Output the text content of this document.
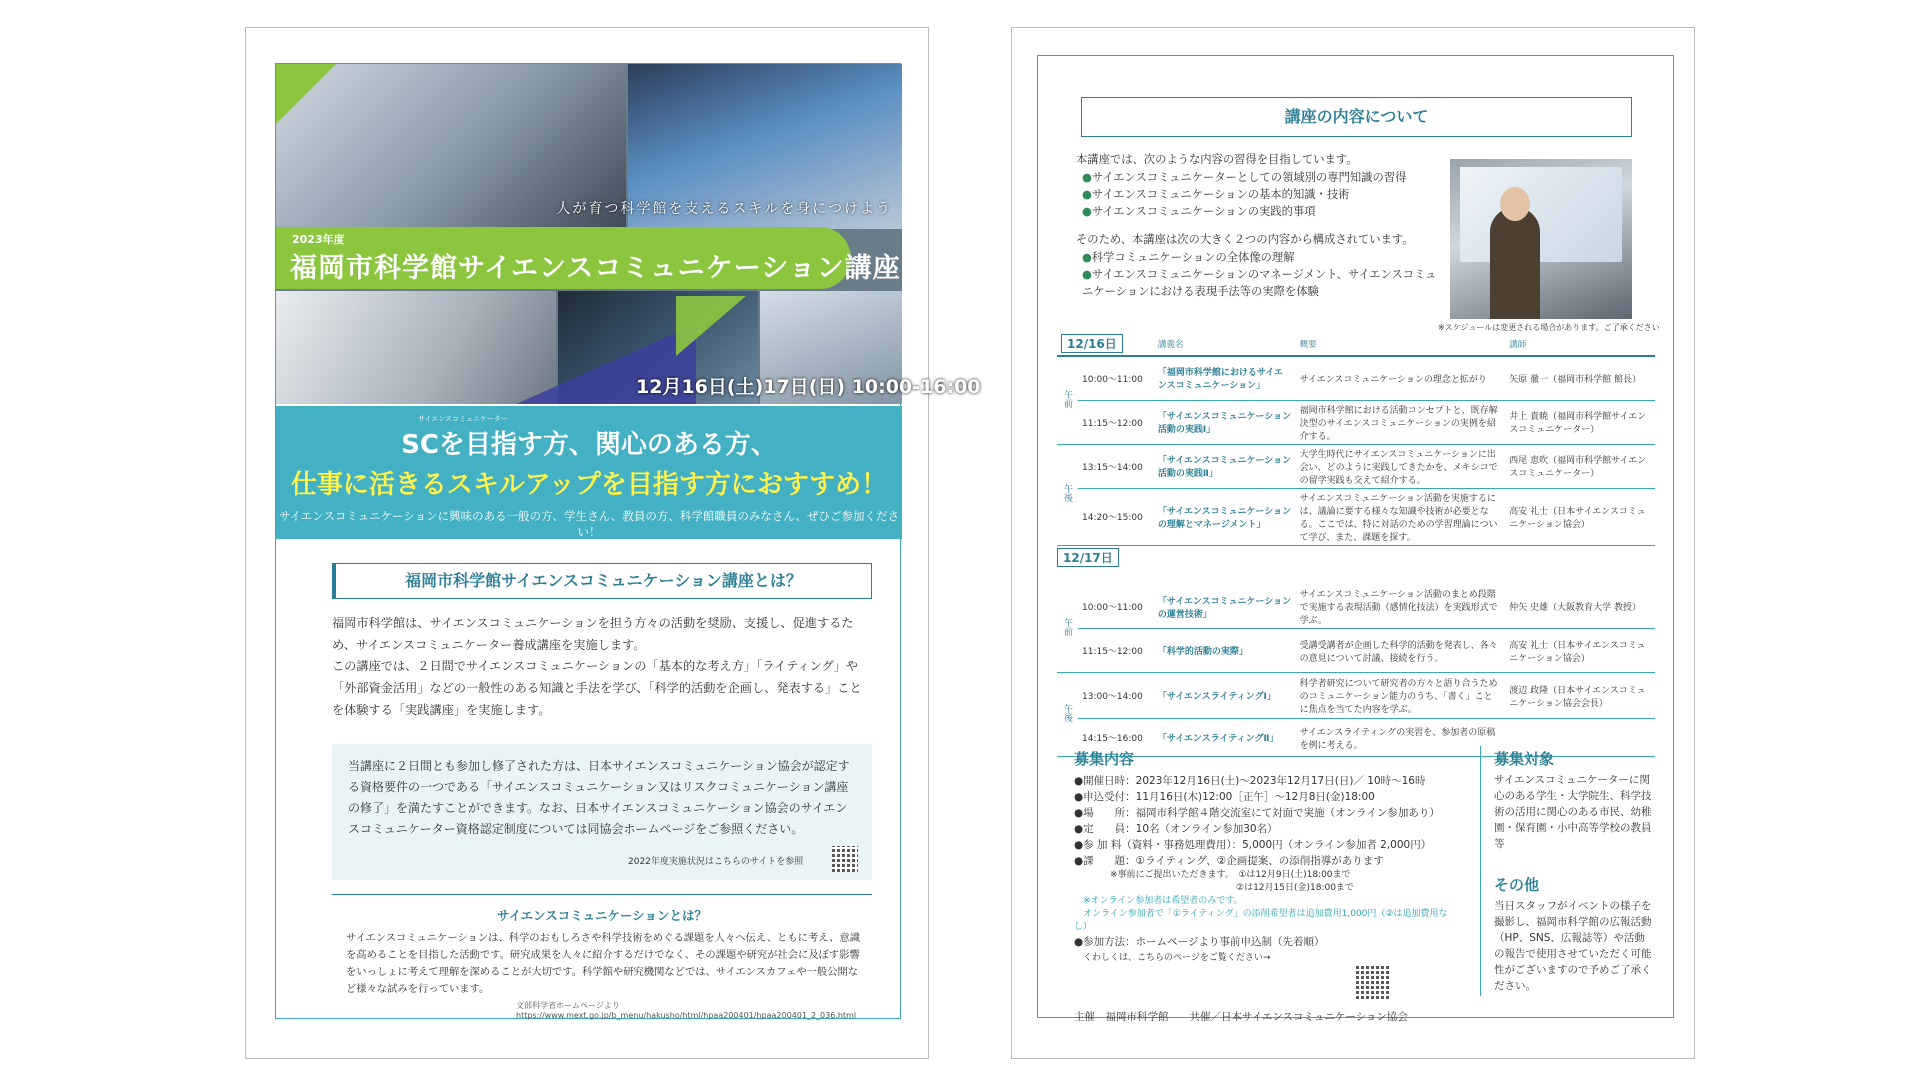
人が育つ科学館を支えるスキルを身につけよう
2023年度
福岡市科学館サイエンスコミュニケーション講座
12月16日(土)17日(日) 10:00-16:00
サイエンスコミュニケーター
SCを目指す方、関心のある方、
仕事に活きるスキルアップを目指す方におすすめ！
サイエンスコミュニケーションに興味のある一般の方、学生さん、教員の方、科学館職員のみなさん、ぜひご参加ください！
福岡市科学館サイエンスコミュニケーション講座とは？
福岡市科学館は、サイエンスコミュニケーションを担う方々の活動を奨励、支援し、促進するため、サイエンスコミュニケーター養成講座を実施します。
この講座では、２日間でサイエンスコミュニケーションの「基本的な考え方」「ライティング」や「外部資金活用」などの一般性のある知識と手法を学び、「科学的活動を企画し、発表する」ことを体験する「実践講座」を実施します。
当講座に２日間とも参加し修了された方は、日本サイエンスコミュニケーション協会が認定する資格要件の一つである「サイエンスコミュニケーション又はリスクコミュニケーション講座の修了」を満たすことができます。なお、日本サイエンスコミュニケーション協会のサイエンスコミュニケーター資格認定制度については同協会ホームページをご参照ください。
2022年度実施状況はこちらのサイトを参照
サイエンスコミュニケーションとは？
サイエンスコミュニケーションは、科学のおもしろさや科学技術をめぐる課題を人々へ伝え、ともに考え、意識を高めることを目指した活動です。研究成果を人々に紹介するだけでなく、その課題や研究が社会に及ぼす影響をいっしょに考えて理解を深めることが大切です。科学館や研究機関などでは、サイエンスカフェや一般公開など様々な試みを行っています。
文部科学省ホームページより https://www.mext.go.jp/b_menu/hakusho/html/hpaa200401/hpaa200401_2_036.html
講座の内容について
本講座では、次のような内容の習得を目指しています。
●サイエンスコミュニケーターとしての領域別の専門知識の習得
●サイエンスコミュニケーションの基本的知識・技術
●サイエンスコミュニケーションの実践的事項
そのため、本講座は次の大きく２つの内容から構成されています。
●科学コミュニケーションの全体像の理解
●サイエンスコミュニケーションのマネージメント、サイエンスコミュニケーションにおける表現手法等の実際を体験
※スケジュールは変更される場合があります。ご了承ください
12/16日		講義名	概要	講師
午前	10:00〜11:00	「福岡市科学館におけるサイエンスコミュニケーション」	サイエンスコミュニケーションの理念と拡がり	矢原 徹一（福岡市科学館 館長）
	11:15〜12:00	「サイエンスコミュニケーション活動の実践Ⅰ」	福岡市科学館における活動コンセプトと、既存解決型のサイエンスコミュニケーションの実例を紹介する。	井上 貴暁（福岡市科学館サイエンスコミュニケーター）
午後	13:15〜14:00	「サイエンスコミュニケーション活動の実践Ⅱ」	大学生時代にサイエンスコミュニケーションに出会い、どのように実践してきたかを、メキシコでの留学実践も交えて紹介する。	西尾 恵吹（福岡市科学館サイエンスコミュニケーター）
	14:20〜15:00	「サイエンスコミュニケーションの理解とマネージメント」	サイエンスコミュニケーション活動を実施するには、議論に要する様々な知識や技術が必要となる。ここでは、特に対話のための学習理論について学び、また、課題を探す。	高安 礼士（日本サイエンスコミュニケーション協会）
12/17日				
午前	10:00〜11:00	「サイエンスコミュニケーションの運営技術」	サイエンスコミュニケーション活動のまとめ段階で実施する表現活動（感情化技法）を実践形式で学ぶ。	仲矢 史雄（大阪教育大学 教授）
	11:15〜12:00	「科学的活動の実際」	受講受講者が企画した科学的活動を発表し、各々の意見について討議、接続を行う。	高安 礼士（日本サイエンスコミュニケーション協会）
午後	13:00〜14:00	「サイエンスライティングⅠ」	科学者研究について研究者の方々と語り合うためのコミュニケーション能力のうち、「書く」ことに焦点を当てた内容を学ぶ。	渡辺 政隆（日本サイエンスコミュニケーション協会会長）
	14:15〜16:00	「サイエンスライティングⅡ」	サイエンスライティングの実習を、参加者の原稿を例に考える。	
募集内容
●開催日時：2023年12月16日(土)〜2023年12月17日(日)／ 10時〜16時
●申込受付：11月16日(木)12:00［正午］〜12月8日(金)18:00
●場　　所：福岡市科学館４階交流室にて対面で実施（オンライン参加あり）
●定　　員：10名（オンライン参加30名）
●参 加 料（資料・事務処理費用）：5,000円（オンライン参加者 2,000円）
●課　　題：①ライティング、②企画提案、の添削指導があります
　　　　※事前にご提出いただきます。　①は12月9日(土)18:00まで
　　　　　　　　　　　　　　　　　　②は12月15日(金)18:00まで
　※オンライン参加者は希望者のみです。
　オンライン参加者で「①ライティング」の添削希望者は追加費用1,000円（②は追加費用なし）
●参加方法：ホームページより事前申込制（先着順）
　くわしくは、こちらのページをご覧ください→
募集対象
サイエンスコミュニケーターに関心のある学生・大学院生、科学技術の活用に関心のある市民、幼稚園・保育園・小中高等学校の教員等
その他
当日スタッフがイベントの様子を撮影し、福岡市科学館の広報活動（HP、SNS、広報誌等）や活動の報告で使用させていただく可能性がございますので予めご了承ください。
主催　福岡市科学館　　共催／日本サイエンスコミュニケーション協会
